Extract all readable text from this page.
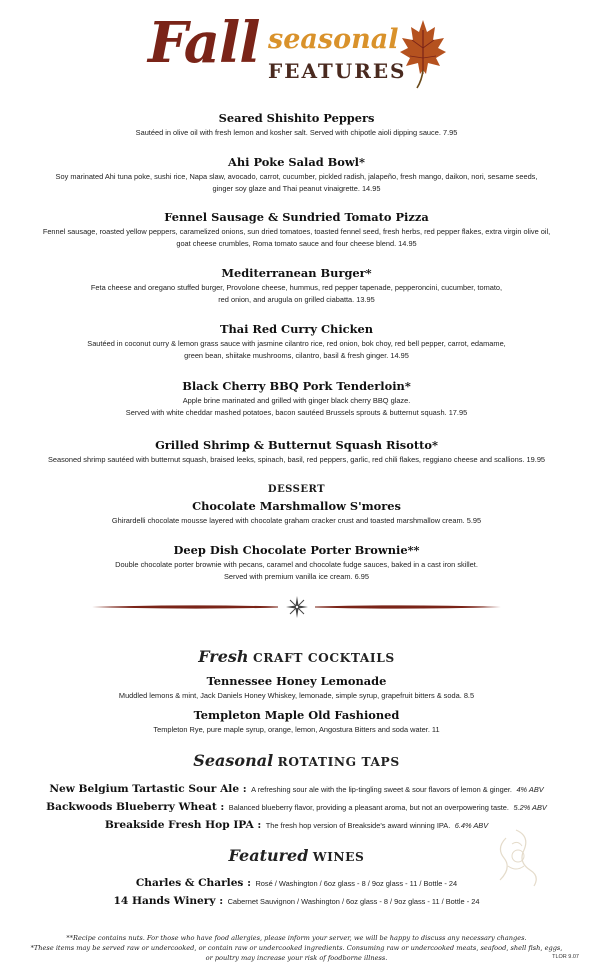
Fall seasonal
FEATURES
Seared Shishito Peppers
Sautéed in olive oil with fresh lemon and kosher salt. Served with chipotle aioli dipping sauce. 7.95
Ahi Poke Salad Bowl*
Soy marinated Ahi tuna poke, sushi rice, Napa slaw, avocado, carrot, cucumber, pickled radish, jalapeño, fresh mango, daikon, nori, sesame seeds,
ginger soy glaze and Thai peanut vinaigrette. 14.95
Fennel Sausage & Sundried Tomato Pizza
Fennel sausage, roasted yellow peppers, caramelized onions, sun dried tomatoes, toasted fennel seed, fresh herbs, red pepper flakes, extra virgin olive oil,
goat cheese crumbles, Roma tomato sauce and four cheese blend. 14.95
Mediterranean Burger*
Feta cheese and oregano stuffed burger, Provolone cheese, hummus, red pepper tapenade, pepperoncini, cucumber, tomato,
red onion, and arugula on grilled ciabatta. 13.95
Thai Red Curry Chicken
Sautéed in coconut curry & lemon grass sauce with jasmine cilantro rice, red onion, bok choy, red bell pepper, carrot, edamame,
green bean, shiitake mushrooms, cilantro, basil & fresh ginger. 14.95
Black Cherry BBQ Pork Tenderloin*
Apple brine marinated and grilled with ginger black cherry BBQ glaze.
Served with white cheddar mashed potatoes, bacon sautéed Brussels sprouts & butternut squash. 17.95
Grilled Shrimp & Butternut Squash Risotto*
Seasoned shrimp sautéed with butternut squash, braised leeks, spinach, basil, red peppers, garlic, red chili flakes, reggiano cheese and scallions. 19.95
DESSERT
Chocolate Marshmallow S'mores
Ghirardelli chocolate mousse layered with chocolate graham cracker crust and toasted marshmallow cream. 5.95
Deep Dish Chocolate Porter Brownie**
Double chocolate porter brownie with pecans, caramel and chocolate fudge sauces, baked in a cast iron skillet.
Served with premium vanilla ice cream. 6.95
Fresh CRAFT COCKTAILS
Tennessee Honey Lemonade
Muddled lemons & mint, Jack Daniels Honey Whiskey, lemonade, simple syrup, grapefruit bitters & soda. 8.5
Templeton Maple Old Fashioned
Templeton Rye, pure maple syrup, orange, lemon, Angostura Bitters and soda water. 11
Seasonal ROTATING TAPS
New Belgium Tartastic Sour Ale : A refreshing sour ale with the lip-tingling sweet & sour flavors of lemon & ginger. 4% ABV
Backwoods Blueberry Wheat : Balanced blueberry flavor, providing a pleasant aroma, but not an overpowering taste. 5.2% ABV
Breakside Fresh Hop IPA : The fresh hop version of Breakside's award winning IPA. 6.4% ABV
Featured WINES
Charles & Charles : Rosé / Washington / 6oz glass - 8 / 9oz glass - 11 / Bottle - 24
14 Hands Winery : Cabernet Sauvignon / Washington / 6oz glass - 8 / 9oz glass - 11 / Bottle - 24
**Recipe contains nuts. For those who have food allergies, please inform your server, we will be happy to discuss any necessary changes.
*These items may be served raw or undercooked, or contain raw or undercooked ingredients. Consuming raw or undercooked meats, seafood, shell fish, eggs,
or poultry may increase your risk of foodborne illness.	TLOR 9.07
